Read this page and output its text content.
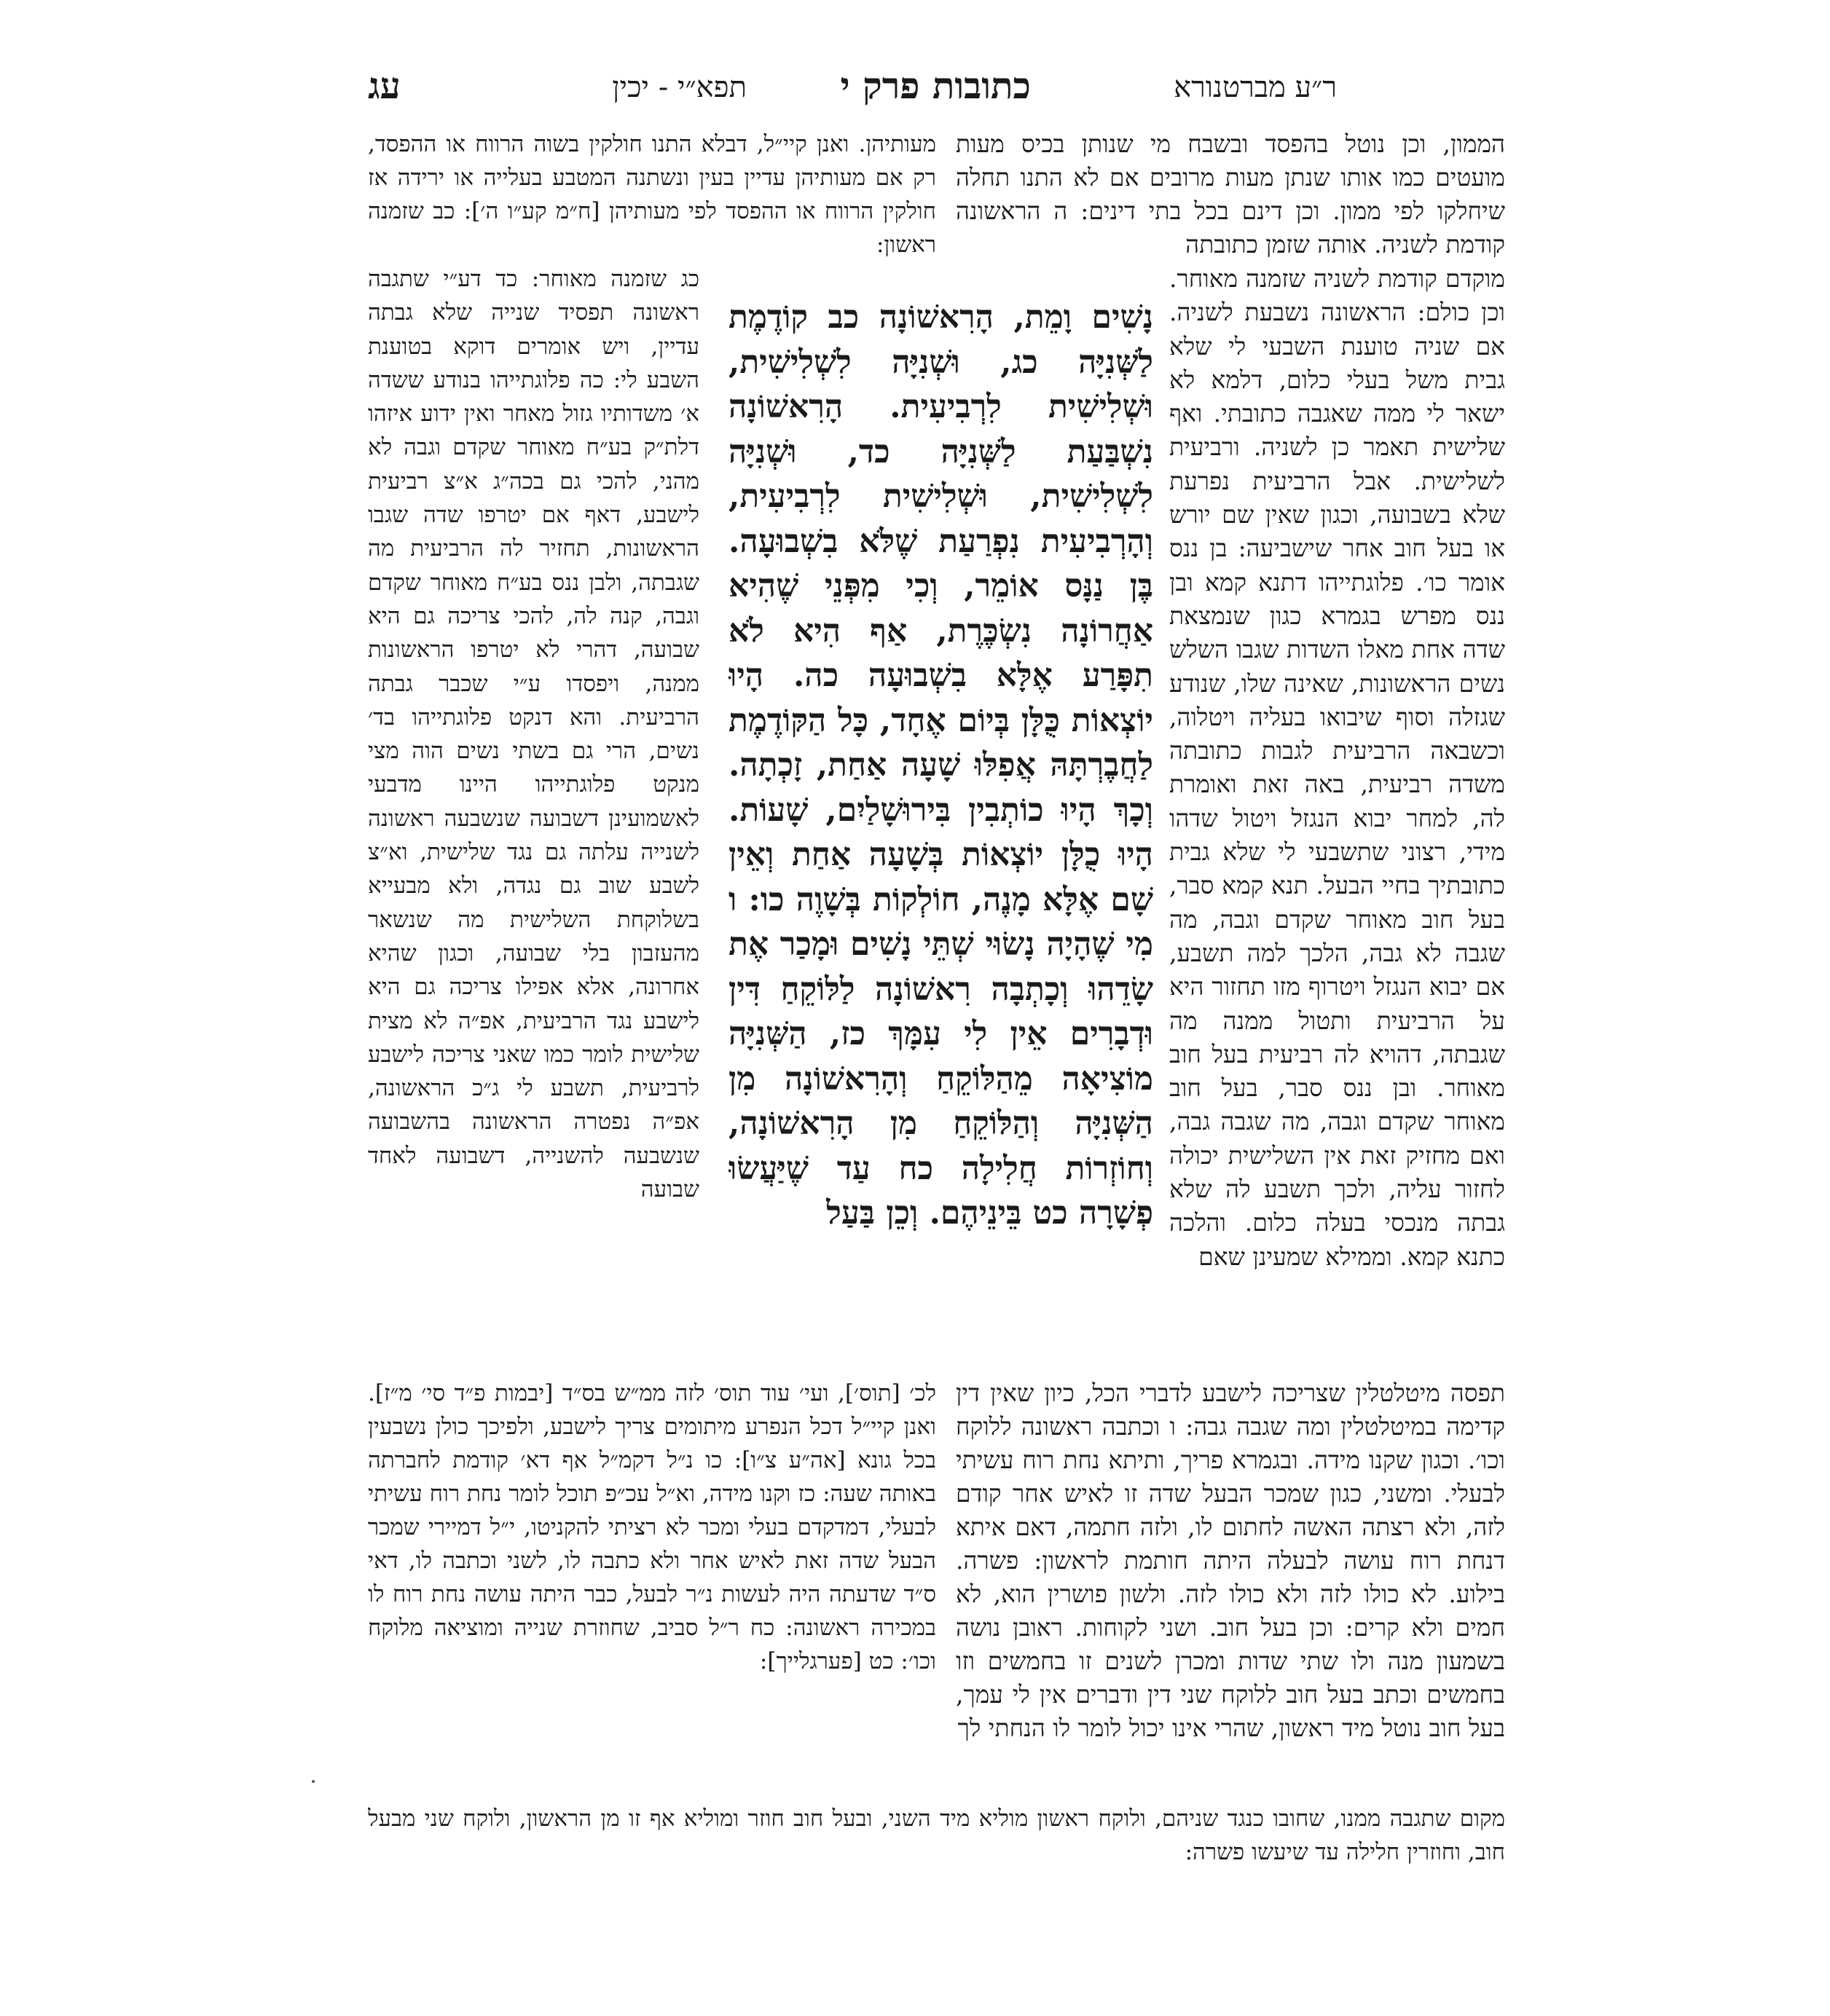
ר״ע מברטנורא
כתובות פרק י
תפא״י - יכין
עג

הממון, וכן נוטל בהפסד ובשבח מי שנותן בכיס מעות מועטים כמו אותו שנתן מעות מרובים אם לא התנו תחלה שיחלקו לפי ממון. וכן דינם בכל בתי דינים: ה הראשונה קודמת לשניה. אותה שזמן כתובתה

מוקדם קודמת לשניה שזמנה מאוחר. וכן כולם: הראשונה נשבעת לשניה. אם שניה טוענת השבעי לי שלא גבית משל בעלי כלום, דלמא לא ישאר לי ממה שאגבה כתובתי. ואף שלישית תאמר כן לשניה. ורביעית לשלישית. אבל הרביעית נפרעת שלא בשבועה, וכגון שאין שם יורש או בעל חוב אחר שישביעה: בן ננס אומר כו׳. פלוגתייהו דתנא קמא ובן ננס מפרש בגמרא כגון שנמצאת שדה אחת מאלו השדות שגבו השלש נשים הראשונות, שאינה שלו, שנודע שגזלה וסוף שיבואו בעליה ויטלוה, וכשבאה הרביעית לגבות כתובתה משדה רביעית, באה זאת ואומרת לה, למחר יבוא הנגזל ויטול שדהו מידי, רצוני שתשבעי לי שלא גבית כתובתיך בחיי הבעל. תנא קמא סבר, בעל חוב מאוחר שקדם וגבה, מה שגבה לא גבה, הלכך למה תשבע, אם יבוא הנגזל ויטרוף מזו תחזור היא על הרביעית ותטול ממנה מה שגבתה, דהויא לה רביעית בעל חוב מאוחר. ובן ננס סבר, בעל חוב מאוחר שקדם וגבה, מה שגבה גבה, ואם מחזיק זאת אין השלישית יכולה לחזור עליה, ולכך תשבע לה שלא גבתה מנכסי בעלה כלום. והלכה כתנא קמא. וממילא שמעינן שאם

נָשִׁים וָמֵת, הָרִאשׁוֹנָה כב קוֹדֶמֶת לַשְּׁנִיָּה כג, וּשְׁנִיָּה לִשְׁלִישִׁית, וּשְׁלִישִׁית לִרְבִיעִית. הָרִאשׁוֹנָה נִשְׁבַּעַת לַשְּׁנִיָּה כד, וּשְׁנִיָּה לִשְׁלִישִׁית, וּשְׁלִישִׁית לִרְבִיעִית, וְהָרְבִיעִית נִפְרַעַת שֶׁלֹּא בִשְׁבוּעָה. בֶּן נַנָּס אוֹמֵר, וְכִי מִפְּנֵי שֶׁהִיא אַחֲרוֹנָה נִשְׂכֶּרֶת, אַף הִיא לֹא תִפָּרַע אֶלָּא בִשְׁבוּעָה כה. הָיוּ יוֹצְאוֹת כֻּלָּן בְּיוֹם אֶחָד, כָּל הַקּוֹדֶמֶת לַחֲבֶרְתָּהּ אֲפִלּוּ שָׁעָה אַחַת, זָכְתָה. וְכָךְ הָיוּ כוֹתְבִין בִּירוּשָׁלַיִם, שָׁעוֹת. הָיוּ כֻלָּן יוֹצְאוֹת בְּשָׁעָה אַחַת וְאֵין שָׁם אֶלָּא מָנֶה, חוֹלְקוֹת בְּשָׁוֶה כו: ו מִי שֶׁהָיָה נָשׂוּי שְׁתֵּי נָשִׁים וּמָכַר אֶת שָׂדֵהוּ וְכָתְבָה רִאשׁוֹנָה לַלּוֹקֵחַ דִּין וּדְבָרִים אֵין לִי עִמָּךְ כז, הַשְּׁנִיָּה מוֹצִיאָה מֵהַלּוֹקֵחַ וְהָרִאשׁוֹנָה מִן הַשְּׁנִיָּה וְהַלּוֹקֵחַ מִן הָרִאשׁוֹנָה, וְחוֹזְרוֹת חֲלִילָה כח עַד שֶׁיַּעֲשׂוּ פְשָׁרָה כט בֵּינֵיהֶם. וְכֵן בַּעַל

מעותיהן. ואנן קיי״ל, דבלא התנו חולקין בשוה הרווח או ההפסד, רק אם מעותיהן עדיין בעין ונשתנה המטבע בעלייה או ירידה אז חולקין הרווח או ההפסד לפי מעותיהן [ח״מ קע״ו ה׳]: כב שזמנה ראשון:

כג שזמנה מאוחר: כד דע״י שתגבה ראשונה תפסיד שנייה שלא גבתה עדיין, ויש אומרים דוקא בטוענת השבע לי: כה פלוגתייהו בנודע ששדה א׳ משדותיו גזול מאחר ואין ידוע איזהו דלת״ק בע״ח מאוחר שקדם וגבה לא מהני, להכי גם בכה״ג א״צ רביעית לישבע, דאף אם יטרפו שדה שגבו הראשונות, תחזיר לה הרביעית מה שגבתה, ולבן ננס בע״ח מאוחר שקדם וגבה, קנה לה, להכי צריכה גם היא שבועה, דהרי לא יטרפו הראשונות ממנה, ויפסדו ע״י שכבר גבתה הרביעית. והא דנקט פלוגתייהו בד׳ נשים, הרי גם בשתי נשים הוה מצי מנקט פלוגתייהו היינו מדבעי לאשמועינן דשבועה שנשבעה ראשונה לשנייה עלתה גם נגד שלישית, וא״צ לשבע שוב גם נגדה, ולא מבעייא בשלוקחת השלישית מה שנשאר מהעזבון בלי שבועה, וכגון שהיא אחרונה, אלא אפילו צריכה גם היא לישבע נגד הרביעית, אפ״ה לא מצית שלישית לומר כמו שאני צריכה לישבע לרביעית, תשבע לי ג״כ הראשונה, אפ״ה נפטרה הראשונה בהשבועה שנשבעה להשנייה, דשבועה לאחד שבועה

תפסה מיטלטלין שצריכה לישבע לדברי הכל, כיון שאין דין קדימה במיטלטלין ומה שגבה גבה: ו וכתבה ראשונה ללוקח וכו׳. וכגון שקנו מידה. ובגמרא פריך, ותיתא נחת רוח עשיתי לבעלי. ומשני, כגון שמכר הבעל שדה זו לאיש אחר קודם לזה, ולא רצתה האשה לחתום לו, ולזה חתמה, דאם איתא דנחת רוח עושה לבעלה היתה חותמת לראשון: פשרה. בילוע. לא כולו לזה ולא כולו לזה. ולשון פושרין הוא, לא חמים ולא קרים: וכן בעל חוב. ושני לקוחות. ראובן נושה בשמעון מנה ולו שתי שדות ומכרן לשנים זו בחמשים וזו בחמשים וכתב בעל חוב ללוקח שני דין ודברים אין לי עמך, בעל חוב נוטל מיד ראשון, שהרי אינו יכול לומר לו הנחתי לך

לכ׳ [תוס׳], ועי׳ עוד תוס׳ לזה ממ״ש בס״ד [יבמות פ״ד סי׳ מ״ז]. ואנן קיי״ל דכל הנפרע מיתומים צריך לישבע, ולפיכך כולן נשבעין בכל גונא [אה״ע צ״ו]: כו נ״ל דקמ״ל אף דא׳ קודמת לחברתה באותה שעה: כז וקנו מידה, וא״ל עכ״פ תוכל לומר נחת רוח עשיתי לבעלי, דמדקדם בעלי ומכר לא רציתי להקניטו, י״ל דמיירי שמכר הבעל שדה זאת לאיש אחר ולא כתבה לו, לשני וכתבה לו, דאי ס״ד שדעתה היה לעשות נ״ר לבעל, כבר היתה עושה נחת רוח לו במכירה ראשונה: כח ר״ל סביב, שחוזרת שנייה ומוציאה מלוקח וכו׳: כט [פערגלייך]:

מקום שתגבה ממנו, שחובו כנגד שניהם, ולוקח ראשון מוליא מיד השני, ובעל חוב חוזר ומוליא אף זו מן הראשון, ולוקח שני מבעל חוב, וחוזרין חלילה עד שיעשו פשרה:
